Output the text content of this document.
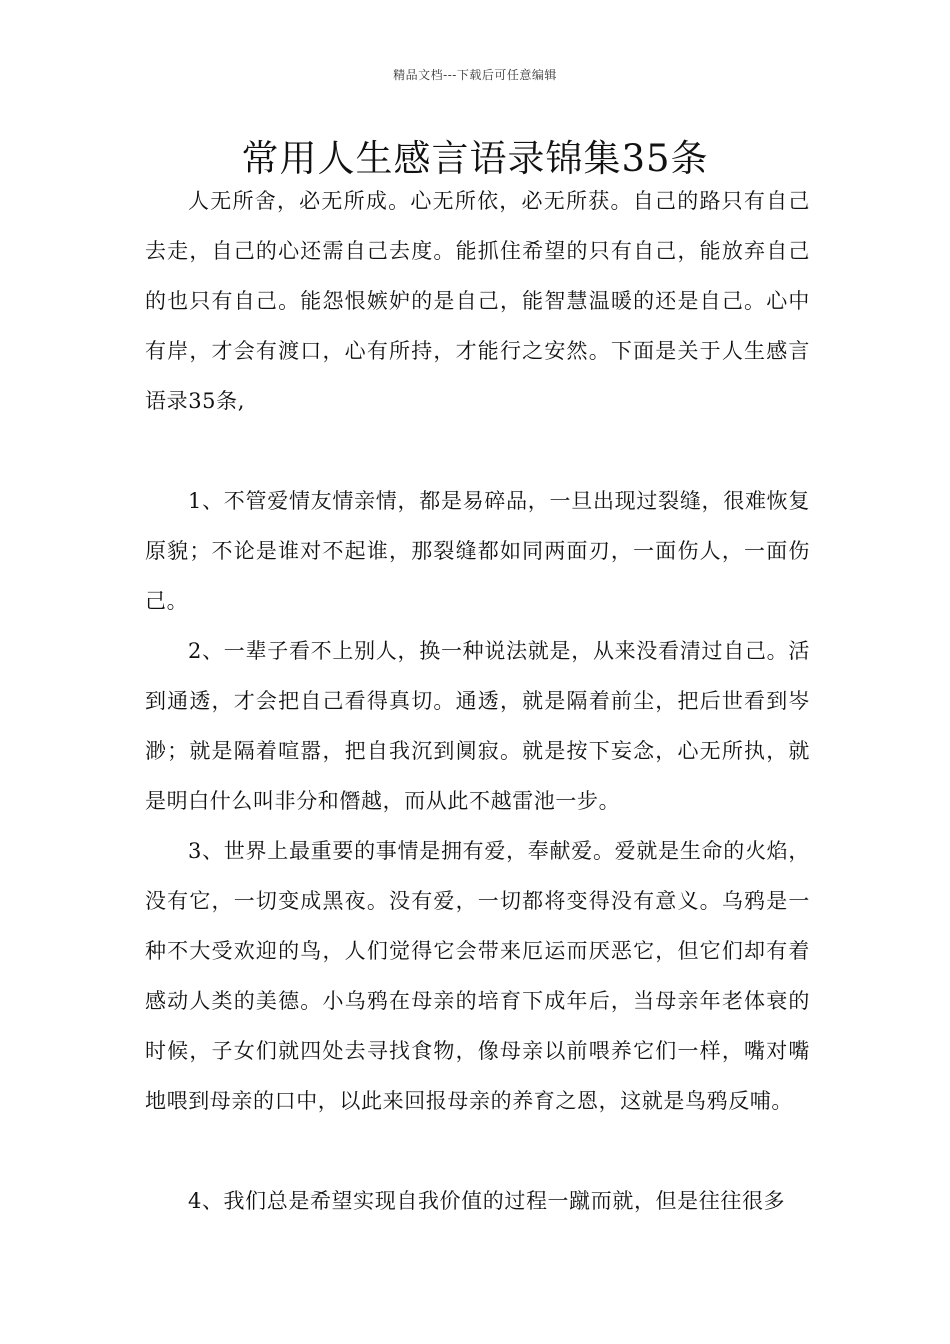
精品文档---下载后可任意编辑
常用人生感言语录锦集35条

人无所舍，必无所成。心无所依，必无所获。自己的路只有自己去走，自己的心还需自己去度。能抓住希望的只有自己，能放弃自己的也只有自己。能怨恨嫉妒的是自己，能智慧温暖的还是自己。心中有岸，才会有渡口，心有所持，才能行之安然。下面是关于人生感言语录35条,

1、不管爱情友情亲情，都是易碎品，一旦出现过裂缝，很难恢复原貌；不论是谁对不起谁，那裂缝都如同两面刃，一面伤人，一面伤己。

2、一辈子看不上别人，换一种说法就是，从来没看清过自己。活到通透，才会把自己看得真切。通透，就是隔着前尘，把后世看到岑渺；就是隔着喧嚣，把自我沉到阒寂。就是按下妄念，心无所执，就是明白什么叫非分和僭越，而从此不越雷池一步。

3、世界上最重要的事情是拥有爱，奉献爱。爱就是生命的火焰，没有它，一切变成黑夜。没有爱，一切都将变得没有意义。乌鸦是一种不大受欢迎的鸟，人们觉得它会带来厄运而厌恶它，但它们却有着感动人类的美德。小乌鸦在母亲的培育下成年后，当母亲年老体衰的时候，子女们就四处去寻找食物，像母亲以前喂养它们一样，嘴对嘴地喂到母亲的口中，以此来回报母亲的养育之恩，这就是鸟鸦反哺。

4、我们总是希望实现自我价值的过程一蹴而就，但是往往很多
